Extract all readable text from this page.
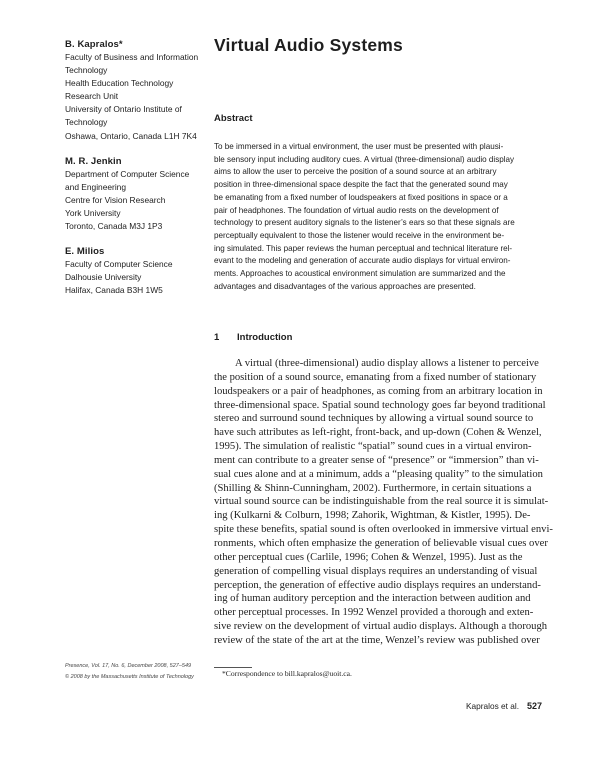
B. Kapralos*
Faculty of Business and Information
Technology
Health Education Technology
Research Unit
University of Ontario Institute of
Technology
Oshawa, Ontario, Canada L1H 7K4
M. R. Jenkin
Department of Computer Science
and Engineering
Centre for Vision Research
York University
Toronto, Canada M3J 1P3
E. Milios
Faculty of Computer Science
Dalhousie University
Halifax, Canada B3H 1W5
Virtual Audio Systems
Abstract
To be immersed in a virtual environment, the user must be presented with plausi-
ble sensory input including auditory cues. A virtual (three-dimensional) audio display
aims to allow the user to perceive the position of a sound source at an arbitrary
position in three-dimensional space despite the fact that the generated sound may
be emanating from a fixed number of loudspeakers at fixed positions in space or a
pair of headphones. The foundation of virtual audio rests on the development of
technology to present auditory signals to the listener’s ears so that these signals are
perceptually equivalent to those the listener would receive in the environment be-
ing simulated. This paper reviews the human perceptual and technical literature rel-
evant to the modeling and generation of accurate audio displays for virtual environ-
ments. Approaches to acoustical environment simulation are summarized and the
advantages and disadvantages of the various approaches are presented.
1 Introduction
A virtual (three-dimensional) audio display allows a listener to perceive
the position of a sound source, emanating from a fixed number of stationary
loudspeakers or a pair of headphones, as coming from an arbitrary location in
three-dimensional space. Spatial sound technology goes far beyond traditional
stereo and surround sound techniques by allowing a virtual sound source to
have such attributes as left-right, front-back, and up-down (Cohen & Wenzel,
1995). The simulation of realistic “spatial” sound cues in a virtual environ-
ment can contribute to a greater sense of “presence” or “immersion” than vi-
sual cues alone and at a minimum, adds a “pleasing quality” to the simulation
(Shilling & Shinn-Cunningham, 2002). Furthermore, in certain situations a
virtual sound source can be indistinguishable from the real source it is simulat-
ing (Kulkarni & Colburn, 1998; Zahorik, Wightman, & Kistler, 1995). De-
spite these benefits, spatial sound is often overlooked in immersive virtual envi-
ronments, which often emphasize the generation of believable visual cues over
other perceptual cues (Carlile, 1996; Cohen & Wenzel, 1995). Just as the
generation of compelling visual displays requires an understanding of visual
perception, the generation of effective audio displays requires an understand-
ing of human auditory perception and the interaction between audition and
other perceptual processes. In 1992 Wenzel provided a thorough and exten-
sive review on the development of virtual audio displays. Although a thorough
review of the state of the art at the time, Wenzel’s review was published over
Presence, Vol. 17, No. 6, December 2008, 527–549
© 2008 by the Massachusetts Institute of Technology	*Correspondence to bill.kapralos@uoit.ca.
Kapralos et al. 527
